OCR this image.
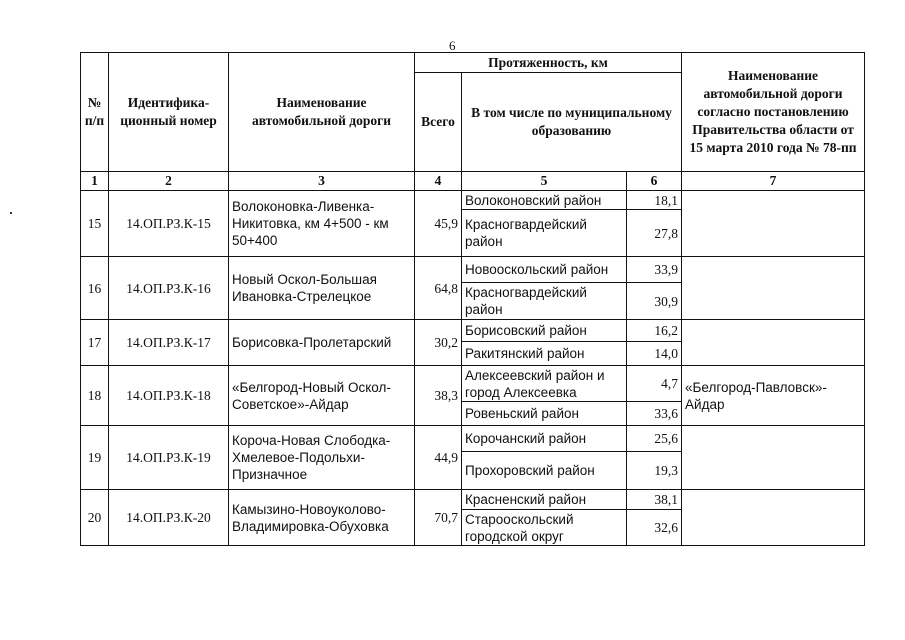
6
№ п/п	Идентифика-ционный номер	Наименование автомобильной дороги	Протяженность, км			Наименование автомобильной дороги согласно постановлению Правительства области от 15 марта 2010 года № 78-пп
			Всего	В том числе по муниципальному образованию		
1	2	3	4	5	6	7
15	14.ОП.РЗ.К-15	Волоконовка-Ливенка-Никитовка, км 4+500 - км 50+400	45,9	Волоконовский район	18,1	
				Красногвардейский район	27,8	
16	14.ОП.РЗ.К-16	Новый Оскол-Большая Ивановка-Стрелецкое	64,8	Новооскольский район	33,9	
				Красногвардейский район	30,9	
17	14.ОП.РЗ.К-17	Борисовка-Пролетарский	30,2	Борисовский район	16,2	
				Ракитянский район	14,0	
18	14.ОП.РЗ.К-18	«Белгород-Новый Оскол-Советское»-Айдар	38,3	Алексеевский район и город Алексеевка	4,7	«Белгород-Павловск»-Айдар
				Ровеньский район	33,6	
19	14.ОП.РЗ.К-19	Короча-Новая Слободка-Хмелевое-Подольхи-Призначное	44,9	Корочанский район	25,6	
				Прохоровский район	19,3	
20	14.ОП.РЗ.К-20	Камызино-Новоуколово-Владимировка-Обуховка	70,7	Красненский район	38,1	
				Старооскольский городской округ	32,6	
